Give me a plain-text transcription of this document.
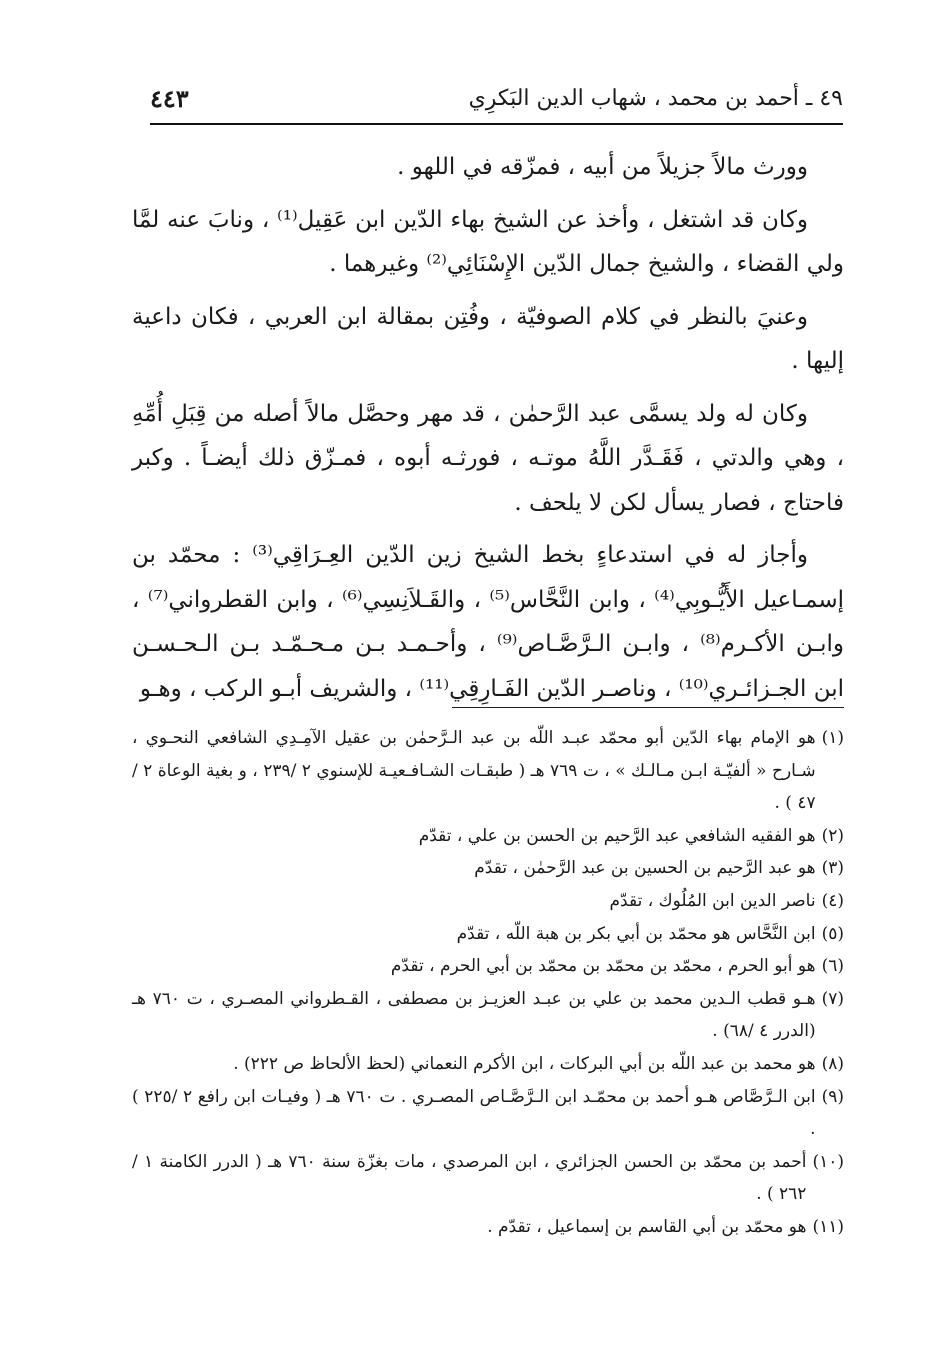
٤٩ ـ أحمد بن محمد ، شهاب الدين البَكرِي
٤٤٣

وورث مالاً جزيلاً من أبيه ، فمزّقه في اللهو .

وكان قد اشتغل ، وأخذ عن الشيخ بهاء الدّين ابن عَقِيل⁽¹⁾ ، ونابَ عنه لمَّا ولي القضاء ، والشيخ جمال الدّين الإِسْنَائِي⁽²⁾ وغيرهما .

وعنيَ بالنظر في كلام الصوفيّة ، وفُتِن بمقالة ابن العربي ، فكان داعية إليها .

وكان له ولد يسمَّى عبد الرَّحمٰن ، قد مهر وحصَّل مالاً أصله من قِبَلِ أُمِّهِ ، وهي والدتي ، فَقَـدَّر اللَّهُ موتـه ، فورثـه أبوه ، فمـزّق ذلك أيضـاً . وكبر فاحتاج ، فصار يسأل لكن لا يلحف .

وأجاز له في استدعاءٍ بخط الشيخ زين الدّين العِـرَاقِي⁽³⁾ : محمّد بن إسمـاعيل الأَيُّـوبِي⁽⁴⁾ ، وابن النَّحَّاس⁽⁵⁾ ، والقَـلاَنِسِي⁽⁶⁾ ، وابن القطرواني⁽⁷⁾ ، وابـن الأكـرم⁽⁸⁾ ، وابـن الـرَّصَّـاص⁽⁹⁾ ، وأحـمـد بـن مـحـمّـد بـن الـحـسـن ابن الجـزائـري⁽¹⁰⁾ ، وناصـر الدّين الفَـارِقِي⁽¹¹⁾ ، والشريف أبـو الركب ، وهـو

(١)
هو الإمام بهاء الدّين أبو محمّد عبـد اللّه بن عبد الـرَّحمٰن بن عقيل الآمِـدِي الشافعي النحـوي ، شـارح « ألفيّـة ابـن مـالـك » ، ت ٧٦٩ هـ ( طبقـات الشـافـعيـة للإسنوي ٢ /٢٣٩ ، و بغية الوعاة ٢ /٤٧ ) .
(٢)
هو الفقيه الشافعي عبد الرَّحيم بن الحسن بن علي ، تقدّم
(٣)
هو عبد الرَّحيم بن الحسين بن عبد الرَّحمٰن ، تقدّم
(٤)
ناصر الدين ابن المُلُوك ، تقدّم
(٥)
ابن النَّحَّاس هو محمّد بن أبي بكر بن هبة اللّه ، تقدّم
(٦)
هو أبو الحرم ، محمّد بن محمّد بن محمّد بن أبي الحرم ، تقدّم
(٧)
هـو قطب الـدين محمد بن علي بن عبـد العزيـز بن مصطفى ، القـطرواني المصـري ، ت ٧٦٠ هـ (الدرر ٤ /٦٨) .
(٨)
هو محمد بن عبد اللّه بن أبي البركات ، ابن الأكرم النعماني (لحظ الألحاظ ص ٢٢٢) .
(٩)
ابن الـرَّصَّاص هـو أحمد بن محمّـد ابن الـرَّصَّـاص المصـري . ت ٧٦٠ هـ ( وفيـات ابن رافع ٢ /٢٢٥ ) .
(١٠)
أحمد بن محمّد بن الحسن الجزائري ، ابن المرصدي ، مات بغزّة سنة ٧٦٠ هـ ( الدرر الكامنة ١ /٢٦٢ ) .
(١١)
هو محمّد بن أبي القاسم بن إسماعيل ، تقدّم .
